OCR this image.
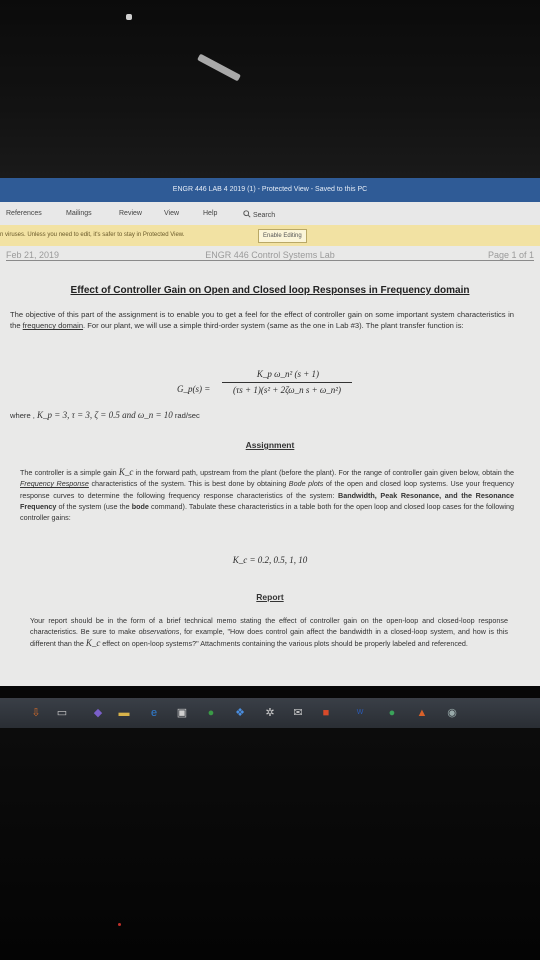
ENGR 446 LAB 4 2019 (1) - Protected View - Saved to this PC
References	Mailings	Review	View	Help	Search
n viruses. Unless you need to edit, it's safer to stay in Protected View.	Enable Editing
Feb 21, 2019	ENGR 446 Control Systems Lab	Page 1 of 1
Effect of Controller Gain on Open and Closed loop Responses in Frequency domain
The objective of this part of the assignment is to enable you to get a feel for the effect of controller gain on some important system characteristics in the frequency domain. For our plant, we will use a simple third-order system (same as the one in Lab #3). The plant transfer function is:
G_p(s) =
K_p ω_n² (s + 1)
(τs + 1)(s² + 2ζω_n s + ω_n²)
where , K_p = 3, τ = 3, ζ = 0.5 and ω_n = 10 rad/sec
Assignment
The controller is a simple gain K_c in the forward path, upstream from the plant (before the plant). For the range of controller gain given below, obtain the Frequency Response characteristics of the system. This is best done by obtaining Bode plots of the open and closed loop systems. Use your frequency response curves to determine the following frequency response characteristics of the system: Bandwidth, Peak Resonance, and the Resonance Frequency of the system (use the bode command). Tabulate these characteristics in a table both for the open loop and closed loop cases for the following controller gains:
K_c = 0.2, 0.5, 1, 10
Report
Your report should be in the form of a brief technical memo stating the effect of controller gain on the open-loop and closed-loop response characteristics. Be sure to make observations, for example, "How does control gain affect the bandwidth in a closed-loop system, and how is this different than the K_c effect on open-loop systems?" Attachments containing the various plots should be properly labeled and referenced.
⇩ ▭ ◆ ▬ e ▣ ● ❖ ✲ ✉ ■	W	● ▲ ◉
